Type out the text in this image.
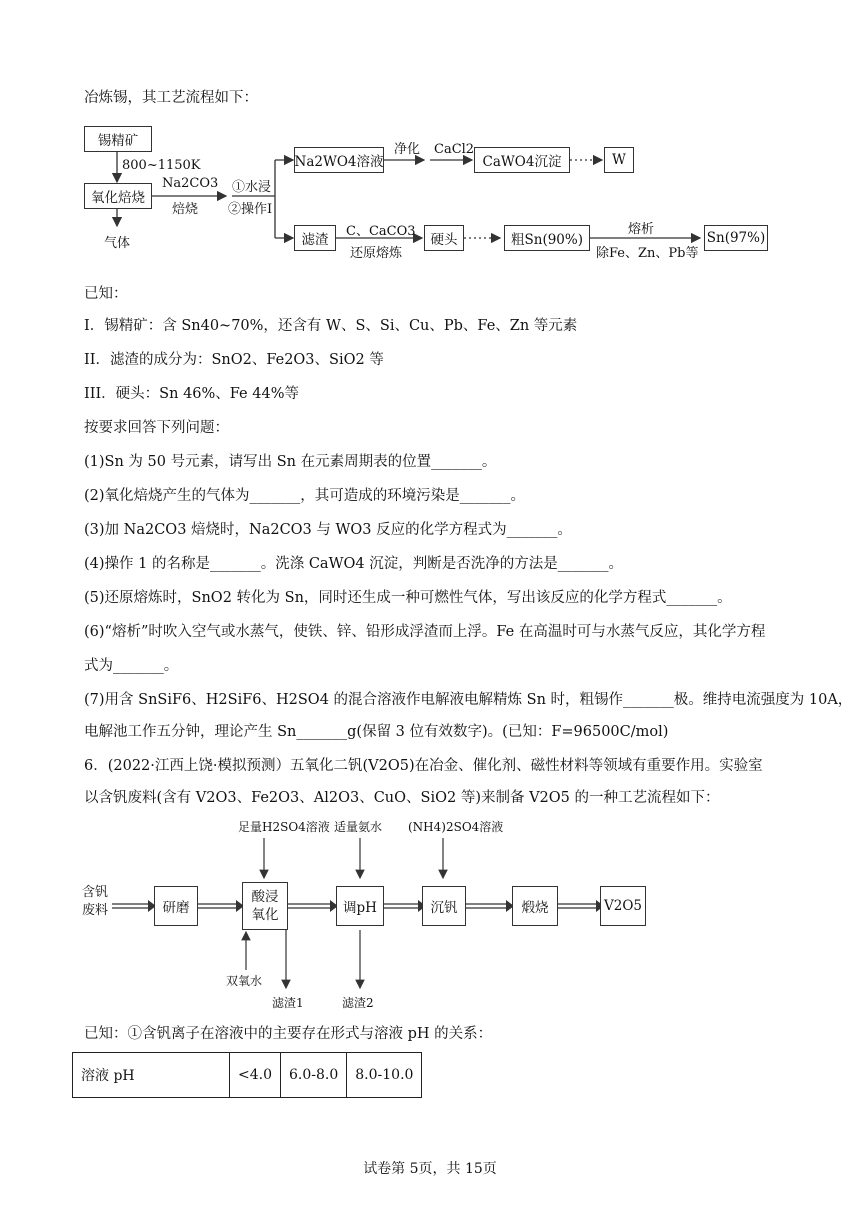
冶炼锡，其工艺流程如下：
锡精矿
800~1150K
氧化焙烧
气体
Na2CO3
焙烧
①水浸
②操作Ⅰ
Na2WO4溶液
净化 CaCl2
CaWO4沉淀	W
滤渣
C、CaCO3
还原熔炼
硬头	粗Sn(90%)
熔析
除Fe、Zn、Pb等
Sn(97%)
已知：
I．锡精矿：含 Sn40~70%，还含有 W、S、Si、Cu、Pb、Fe、Zn 等元素
II．滤渣的成分为：SnO2、Fe2O3、SiO2 等
III．硬头：Sn 46%、Fe 44%等
按要求回答下列问题：
(1)Sn 为 50 号元素，请写出 Sn 在元素周期表的位置_______。
(2)氧化焙烧产生的气体为_______，其可造成的环境污染是_______。
(3)加 Na2CO3 焙烧时，Na2CO3 与 WO3 反应的化学方程式为_______。
(4)操作 1 的名称是_______。洗涤 CaWO4 沉淀，判断是否洗净的方法是_______。
(5)还原熔炼时，SnO2 转化为 Sn，同时还生成一种可燃性气体，写出该反应的化学方程式_______。
(6)“熔析”时吹入空气或水蒸气，使铁、锌、铅形成浮渣而上浮。Fe 在高温时可与水蒸气反应，其化学方程
式为_______。
(7)用含 SnSiF6、H2SiF6、H2SO4 的混合溶液作电解液电解精炼 Sn 时，粗锡作_______极。维持电流强度为 10A，
电解池工作五分钟，理论产生 Sn_______g(保留 3 位有效数字)。(已知：F=96500C/mol)
6．(2022·江西上饶·模拟预测）五氧化二钒(V2O5)在冶金、催化剂、磁性材料等领域有重要作用。实验室
以含钒废料(含有 V2O3、Fe2O3、Al2O3、CuO、SiO2 等)来制备 V2O5 的一种工艺流程如下：
含钒废料	研磨
酸浸氧化	调pH	沉钒	煅烧	V2O5
足量H2SO4溶液 适量氨水 (NH4)2SO4溶液
双氧水
滤渣1	滤渣2
已知：①含钒离子在溶液中的主要存在形式与溶液 pH 的关系：
溶液 pH	<4.0	6.0-8.0	8.0-10.0
试卷第 5页，共 15页
